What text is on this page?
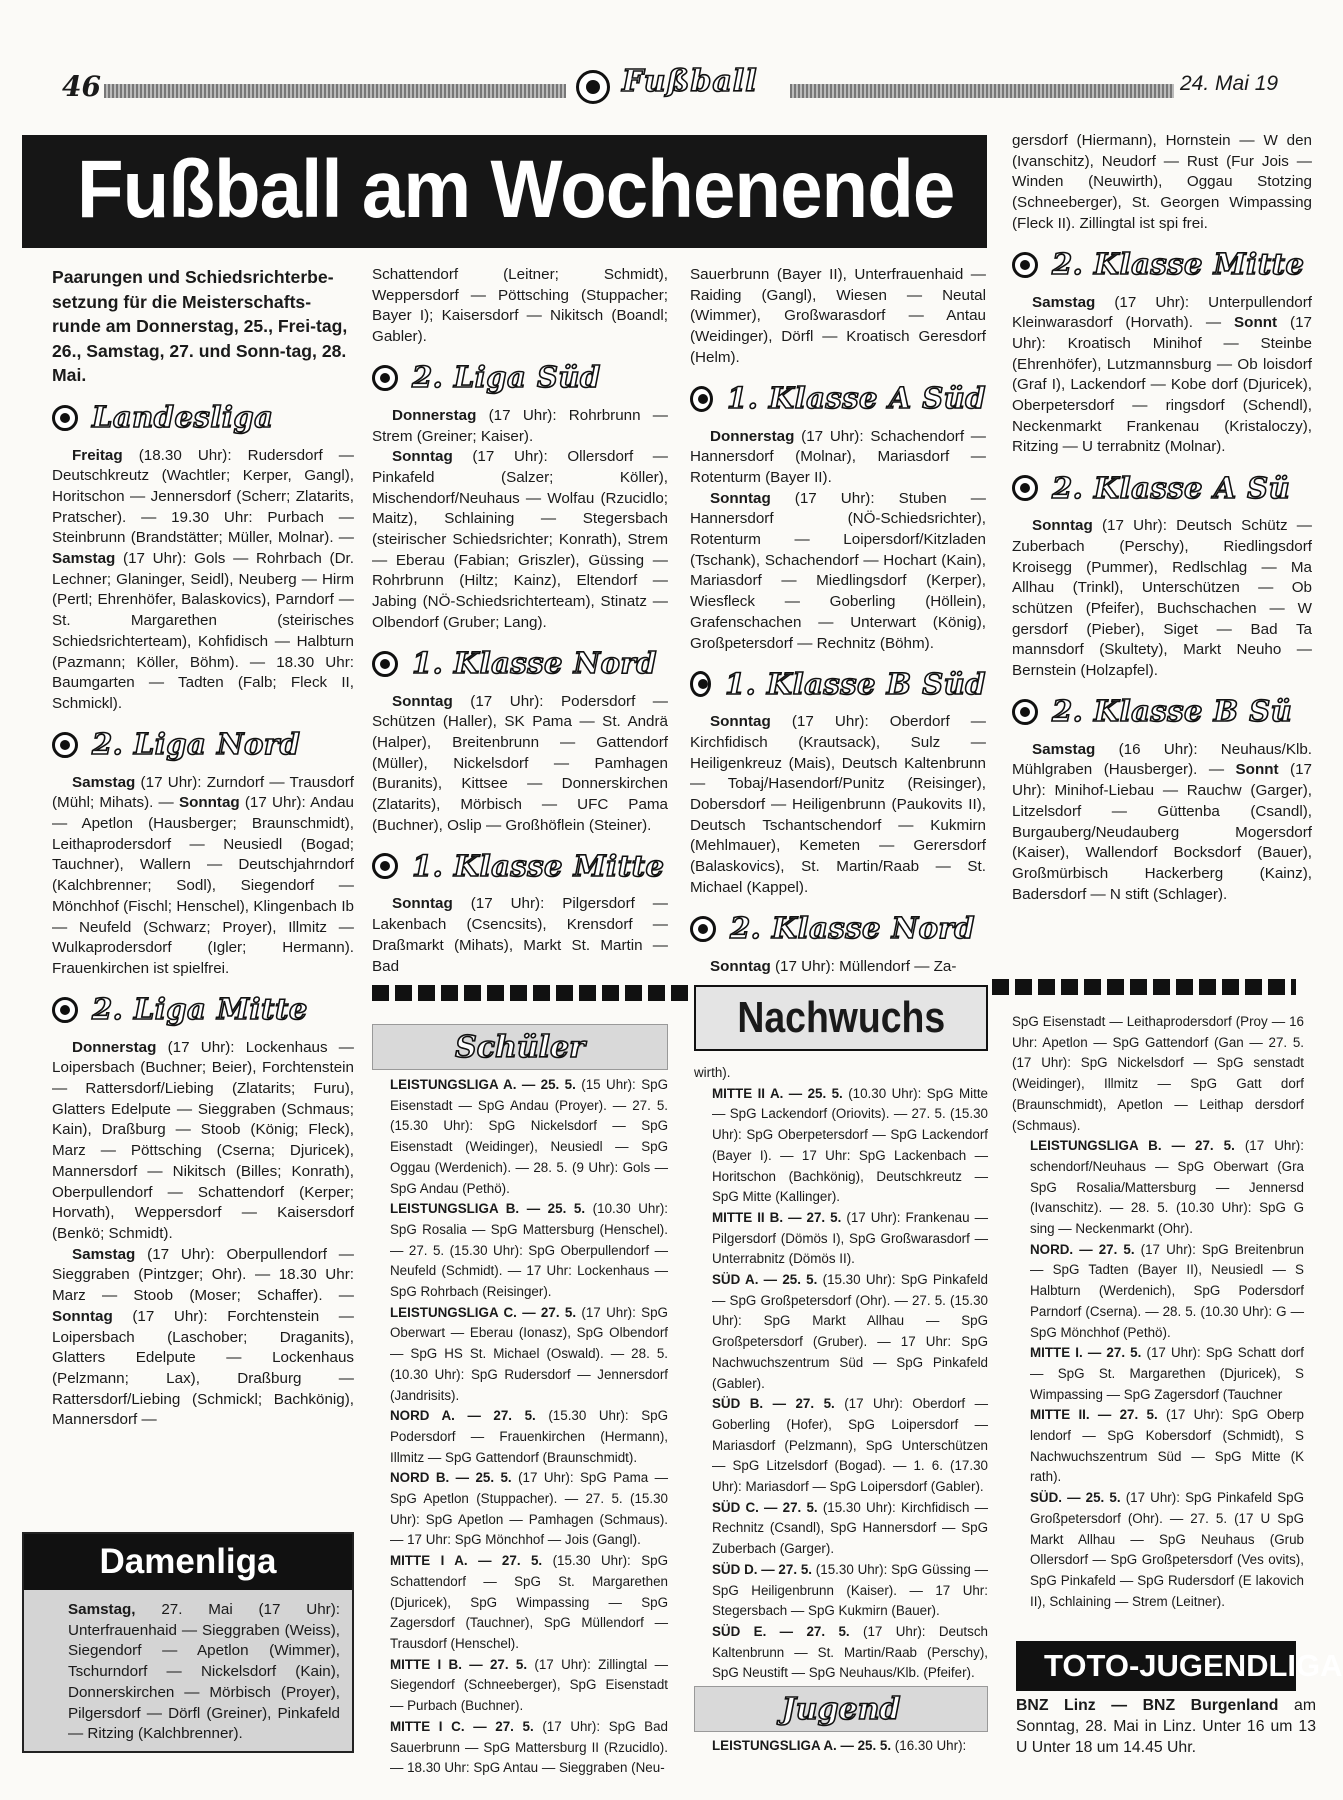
46	Fußball	24. Mai 19
Fußball am Wochenende

Paarungen und Schiedsrichterbe-setzung für die Meisterschafts-runde am Donnerstag, 25., Frei-tag, 26., Samstag, 27. und Sonn-tag, 28. Mai.

Landesliga

Freitag (18.30 Uhr): Rudersdorf — Deutschkreutz (Wachtler; Kerper, Gangl), Horitschon — Jennersdorf (Scherr; Zlatarits, Pratscher). — 19.30 Uhr: Purbach — Steinbrunn (Brandstätter; Müller, Molnar). — Samstag (17 Uhr): Gols — Rohrbach (Dr. Lechner; Glaninger, Seidl), Neuberg — Hirm (Pertl; Ehrenhöfer, Balaskovics), Parndorf — St. Margarethen (steirisches Schiedsrichterteam), Kohfidisch — Halbturn (Pazmann; Köller, Böhm). — 18.30 Uhr: Baumgarten — Tadten (Falb; Fleck II, Schmickl).

2. Liga Nord

Samstag (17 Uhr): Zurndorf — Trausdorf (Mühl; Mihats). — Sonntag (17 Uhr): Andau — Apetlon (Hausberger; Braunschmidt), Leithaprodersdorf — Neusiedl (Bogad; Tauchner), Wallern — Deutschjahrndorf (Kalchbrenner; Sodl), Siegendorf — Mönchhof (Fischl; Henschel), Klingenbach Ib — Neufeld (Schwarz; Proyer), Illmitz — Wulkaprodersdorf (Igler; Hermann). Frauenkirchen ist spielfrei.

2. Liga Mitte

Donnerstag (17 Uhr): Lockenhaus — Loipersbach (Buchner; Beier), Forchtenstein — Rattersdorf/Liebing (Zlatarits; Furu), Glatters Edelpute — Sieggraben (Schmaus; Kain), Draßburg — Stoob (König; Fleck), Marz — Pöttsching (Cserna; Djuricek), Mannersdorf — Nikitsch (Billes; Konrath), Oberpullendorf — Schattendorf (Kerper; Horvath), Weppersdorf — Kaisersdorf (Benkö; Schmidt).

Samstag (17 Uhr): Oberpullendorf — Sieggraben (Pintzger; Ohr). — 18.30 Uhr: Marz — Stoob (Moser; Schaffer). — Sonntag (17 Uhr): Forchtenstein — Loipersbach (Laschober; Draganits), Glatters Edelpute — Lockenhaus (Pelzmann; Lax), Draßburg — Rattersdorf/Liebing (Schmickl; Bachkönig), Mannersdorf —

Damenliga
Samstag, 27. Mai (17 Uhr): Unterfrauenhaid — Sieggraben (Weiss), Siegendorf — Apetlon (Wimmer), Tschurndorf — Nickelsdorf (Kain), Donnerskirchen — Mörbisch (Proyer), Pilgersdorf — Dörfl (Greiner), Pinkafeld — Ritzing (Kalchbrenner).

Schattendorf (Leitner; Schmidt), Weppersdorf — Pöttsching (Stuppacher; Bayer I); Kaisersdorf — Nikitsch (Boandl; Gabler).

2. Liga Süd

Donnerstag (17 Uhr): Rohrbrunn — Strem (Greiner; Kaiser).

Sonntag (17 Uhr): Ollersdorf — Pinkafeld (Salzer; Köller), Mischendorf/Neuhaus — Wolfau (Rzucidlo; Maitz), Schlaining — Stegersbach (steirischer Schiedsrichter; Konrath), Strem — Eberau (Fabian; Griszler), Güssing — Rohrbrunn (Hiltz; Kainz), Eltendorf — Jabing (NÖ-Schiedsrichterteam), Stinatz — Olbendorf (Gruber; Lang).

1. Klasse Nord

Sonntag (17 Uhr): Podersdorf — Schützen (Haller), SK Pama — St. Andrä (Halper), Breitenbrunn — Gattendorf (Müller), Nickelsdorf — Pamhagen (Buranits), Kittsee — Donnerskirchen (Zlatarits), Mörbisch — UFC Pama (Buchner), Oslip — Großhöflein (Steiner).

1. Klasse Mitte

Sonntag (17 Uhr): Pilgersdorf — Lakenbach (Csencsits), Krensdorf — Draßmarkt (Mihats), Markt St. Martin — Bad

Schüler

LEISTUNGSLIGA A. — 25. 5. (15 Uhr): SpG Eisenstadt — SpG Andau (Proyer). — 27. 5. (15.30 Uhr): SpG Nickelsdorf — SpG Eisenstadt (Weidinger), Neusiedl — SpG Oggau (Werdenich). — 28. 5. (9 Uhr): Gols — SpG Andau (Pethö).

LEISTUNGSLIGA B. — 25. 5. (10.30 Uhr): SpG Rosalia — SpG Mattersburg (Henschel). — 27. 5. (15.30 Uhr): SpG Oberpullendorf — Neufeld (Schmidt). — 17 Uhr: Lockenhaus — SpG Rohrbach (Reisinger).

LEISTUNGSLIGA C. — 27. 5. (17 Uhr): SpG Oberwart — Eberau (Ionasz), SpG Olbendorf — SpG HS St. Michael (Oswald). — 28. 5. (10.30 Uhr): SpG Rudersdorf — Jennersdorf (Jandrisits).

NORD A. — 27. 5. (15.30 Uhr): SpG Podersdorf — Frauenkirchen (Hermann), Illmitz — SpG Gattendorf (Braunschmidt).

NORD B. — 25. 5. (17 Uhr): SpG Pama — SpG Apetlon (Stuppacher). — 27. 5. (15.30 Uhr): SpG Apetlon — Pamhagen (Schmaus). — 17 Uhr: SpG Mönchhof — Jois (Gangl).

MITTE I A. — 27. 5. (15.30 Uhr): SpG Schattendorf — SpG St. Margarethen (Djuricek), SpG Wimpassing — SpG Zagersdorf (Tauchner), SpG Müllendorf — Trausdorf (Henschel).

MITTE I B. — 27. 5. (17 Uhr): Zillingtal — Siegendorf (Schneeberger), SpG Eisenstadt — Purbach (Buchner).

MITTE I C. — 27. 5. (17 Uhr): SpG Bad Sauerbrunn — SpG Mattersburg II (Rzucidlo). — 18.30 Uhr: SpG Antau — Sieggraben (Neu-

Sauerbrunn (Bayer II), Unterfrauenhaid — Raiding (Gangl), Wiesen — Neutal (Wimmer), Großwarasdorf — Antau (Weidinger), Dörfl — Kroatisch Geresdorf (Helm).

1. Klasse A Süd

Donnerstag (17 Uhr): Schachendorf — Hannersdorf (Molnar), Mariasdorf — Rotenturm (Bayer II).

Sonntag (17 Uhr): Stuben — Hannersdorf (NÖ-Schiedsrichter), Rotenturm — Loipersdorf/Kitzladen (Tschank), Schachendorf — Hochart (Kain), Mariasdorf — Miedlingsdorf (Kerper), Wiesfleck — Goberling (Höllein), Grafenschachen — Unterwart (König), Großpetersdorf — Rechnitz (Böhm).

1. Klasse B Süd

Sonntag (17 Uhr): Oberdorf — Kirchfidisch (Krautsack), Sulz — Heiligenkreuz (Mais), Deutsch Kaltenbrunn — Tobaj/Hasendorf/Punitz (Reisinger), Dobersdorf — Heiligenbrunn (Paukovits II), Deutsch Tschantschendorf — Kukmirn (Mehlmauer), Kemeten — Gerersdorf (Balaskovics), St. Martin/Raab — St. Michael (Kappel).

2. Klasse Nord

Sonntag (17 Uhr): Müllendorf — Za-

Nachwuchs

wirth).

MITTE II A. — 25. 5. (10.30 Uhr): SpG Mitte — SpG Lackendorf (Oriovits). — 27. 5. (15.30 Uhr): SpG Oberpetersdorf — SpG Lackendorf (Bayer I). — 17 Uhr: SpG Lackenbach — Horitschon (Bachkönig), Deutschkreutz — SpG Mitte (Kallinger).

MITTE II B. — 27. 5. (17 Uhr): Frankenau — Pilgersdorf (Dömös I), SpG Großwarasdorf — Unterrabnitz (Dömös II).

SÜD A. — 25. 5. (15.30 Uhr): SpG Pinkafeld — SpG Großpetersdorf (Ohr). — 27. 5. (15.30 Uhr): SpG Markt Allhau — SpG Großpetersdorf (Gruber). — 17 Uhr: SpG Nachwuchszentrum Süd — SpG Pinkafeld (Gabler).

SÜD B. — 27. 5. (17 Uhr): Oberdorf — Goberling (Hofer), SpG Loipersdorf — Mariasdorf (Pelzmann), SpG Unterschützen — SpG Litzelsdorf (Bogad). — 1. 6. (17.30 Uhr): Mariasdorf — SpG Loipersdorf (Gabler).

SÜD C. — 27. 5. (15.30 Uhr): Kirchfidisch — Rechnitz (Csandl), SpG Hannersdorf — SpG Zuberbach (Garger).

SÜD D. — 27. 5. (15.30 Uhr): SpG Güssing — SpG Heiligenbrunn (Kaiser). — 17 Uhr: Stegersbach — SpG Kukmirn (Bauer).

SÜD E. — 27. 5. (17 Uhr): Deutsch Kaltenbrunn — St. Martin/Raab (Perschy), SpG Neustift — SpG Neuhaus/Klb. (Pfeifer).

Jugend
LEISTUNGSLIGA A. — 25. 5. (16.30 Uhr):

gersdorf (Hiermann), Hornstein — W den (Ivanschitz), Neudorf — Rust (Fur Jois — Winden (Neuwirth), Oggau Stotzing (Schneeberger), St. Georgen Wimpassing (Fleck II). Zillingtal ist spi frei.

2. Klasse Mitte

Samstag (17 Uhr): Unterpullendorf Kleinwarasdorf (Horvath). — Sonnt (17 Uhr): Kroatisch Minihof — Steinbe (Ehrenhöfer), Lutzmannsburg — Ob loisdorf (Graf I), Lackendorf — Kobe dorf (Djuricek), Oberpetersdorf — ringsdorf (Schendl), Neckenmarkt Frankenau (Kristaloczy), Ritzing — U terrabnitz (Molnar).

2. Klasse A Sü

Sonntag (17 Uhr): Deutsch Schütz — Zuberbach (Perschy), Riedlingsdorf Kroisegg (Pummer), Redlschlag — Ma Allhau (Trinkl), Unterschützen — Ob schützen (Pfeifer), Buchschachen — W gersdorf (Pieber), Siget — Bad Ta mannsdorf (Skultety), Markt Neuho — Bernstein (Holzapfel).

2. Klasse B Sü

Samstag (16 Uhr): Neuhaus/Klb. Mühlgraben (Hausberger). — Sonnt (17 Uhr): Minihof-Liebau — Rauchw (Garger), Litzelsdorf — Güttenba (Csandl), Burgauberg/Neudauberg Mogersdorf (Kaiser), Wallendorf Bocksdorf (Bauer), Großmürbisch Hackerberg (Kainz), Badersdorf — N stift (Schlager).

SpG Eisenstadt — Leithaprodersdorf (Proy — 16 Uhr: Apetlon — SpG Gattendorf (Gan — 27. 5. (17 Uhr): SpG Nickelsdorf — SpG senstadt (Weidinger), Illmitz — SpG Gatt dorf (Braunschmidt), Apetlon — Leithap dersdorf (Schmaus).

LEISTUNGSLIGA B. — 27. 5. (17 Uhr): schendorf/Neuhaus — SpG Oberwart (Gra SpG Rosalia/Mattersburg — Jennersd (Ivanschitz). — 28. 5. (10.30 Uhr): SpG G sing — Neckenmarkt (Ohr).

NORD. — 27. 5. (17 Uhr): SpG Breitenbrun — SpG Tadten (Bayer II), Neusiedl — S Halbturn (Werdenich), SpG Podersdorf Parndorf (Cserna). — 28. 5. (10.30 Uhr): G — SpG Mönchhof (Pethö).

MITTE I. — 27. 5. (17 Uhr): SpG Schatt dorf — SpG St. Margarethen (Djuricek), S Wimpassing — SpG Zagersdorf (Tauchner

MITTE II. — 27. 5. (17 Uhr): SpG Oberp lendorf — SpG Kobersdorf (Schmidt), S Nachwuchszentrum Süd — SpG Mitte (K rath).

SÜD. — 25. 5. (17 Uhr): SpG Pinkafeld SpG Großpetersdorf (Ohr). — 27. 5. (17 U SpG Markt Allhau — SpG Neuhaus (Grub Ollersdorf — SpG Großpetersdorf (Ves ovits), SpG Pinkafeld — SpG Rudersdorf (E lakovich II), Schlaining — Strem (Leitner).

TOTO-JUGENDLIGA
BNZ Linz — BNZ Burgenland am Sonntag, 28. Mai in Linz. Unter 16 um 13 U Unter 18 um 14.45 Uhr.
